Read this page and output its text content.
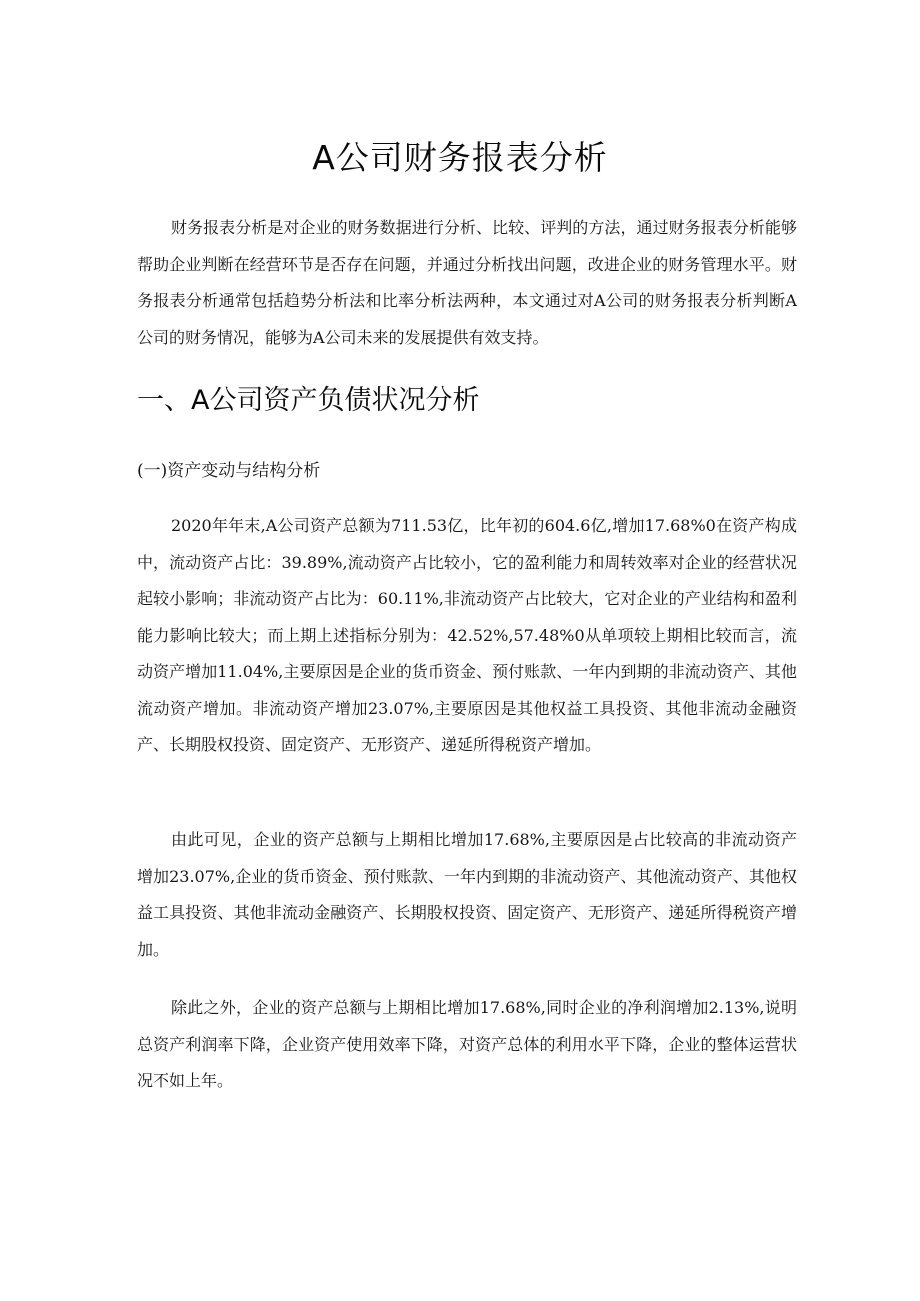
A公司财务报表分析

财务报表分析是对企业的财务数据进行分析、比较、评判的方法，通过财务报表分析能够帮助企业判断在经营环节是否存在问题，并通过分析找出问题，改进企业的财务管理水平。财务报表分析通常包括趋势分析法和比率分析法两种，本文通过对A公司的财务报表分析判断A公司的财务情况，能够为A公司未来的发展提供有效支持。

一、A公司资产负债状况分析
(一)资产变动与结构分析

2020年年末,A公司资产总额为711.53亿，比年初的604.6亿,增加17.68%0在资产构成中，流动资产占比：39.89%,流动资产占比较小，它的盈利能力和周转效率对企业的经营状况起较小影响；非流动资产占比为：60.11%,非流动资产占比较大，它对企业的产业结构和盈利能力影响比较大；而上期上述指标分别为：42.52%,57.48%0从单项较上期相比较而言，流动资产增加11.04%,主要原因是企业的货币资金、预付账款、一年内到期的非流动资产、其他流动资产增加。非流动资产增加23.07%,主要原因是其他权益工具投资、其他非流动金融资产、长期股权投资、固定资产、无形资产、递延所得税资产增加。

由此可见，企业的资产总额与上期相比增加17.68%,主要原因是占比较高的非流动资产增加23.07%,企业的货币资金、预付账款、一年内到期的非流动资产、其他流动资产、其他权益工具投资、其他非流动金融资产、长期股权投资、固定资产、无形资产、递延所得税资产增加。

除此之外，企业的资产总额与上期相比增加17.68%,同时企业的净利润增加2.13%,说明总资产利润率下降，企业资产使用效率下降，对资产总体的利用水平下降，企业的整体运营状况不如上年。
